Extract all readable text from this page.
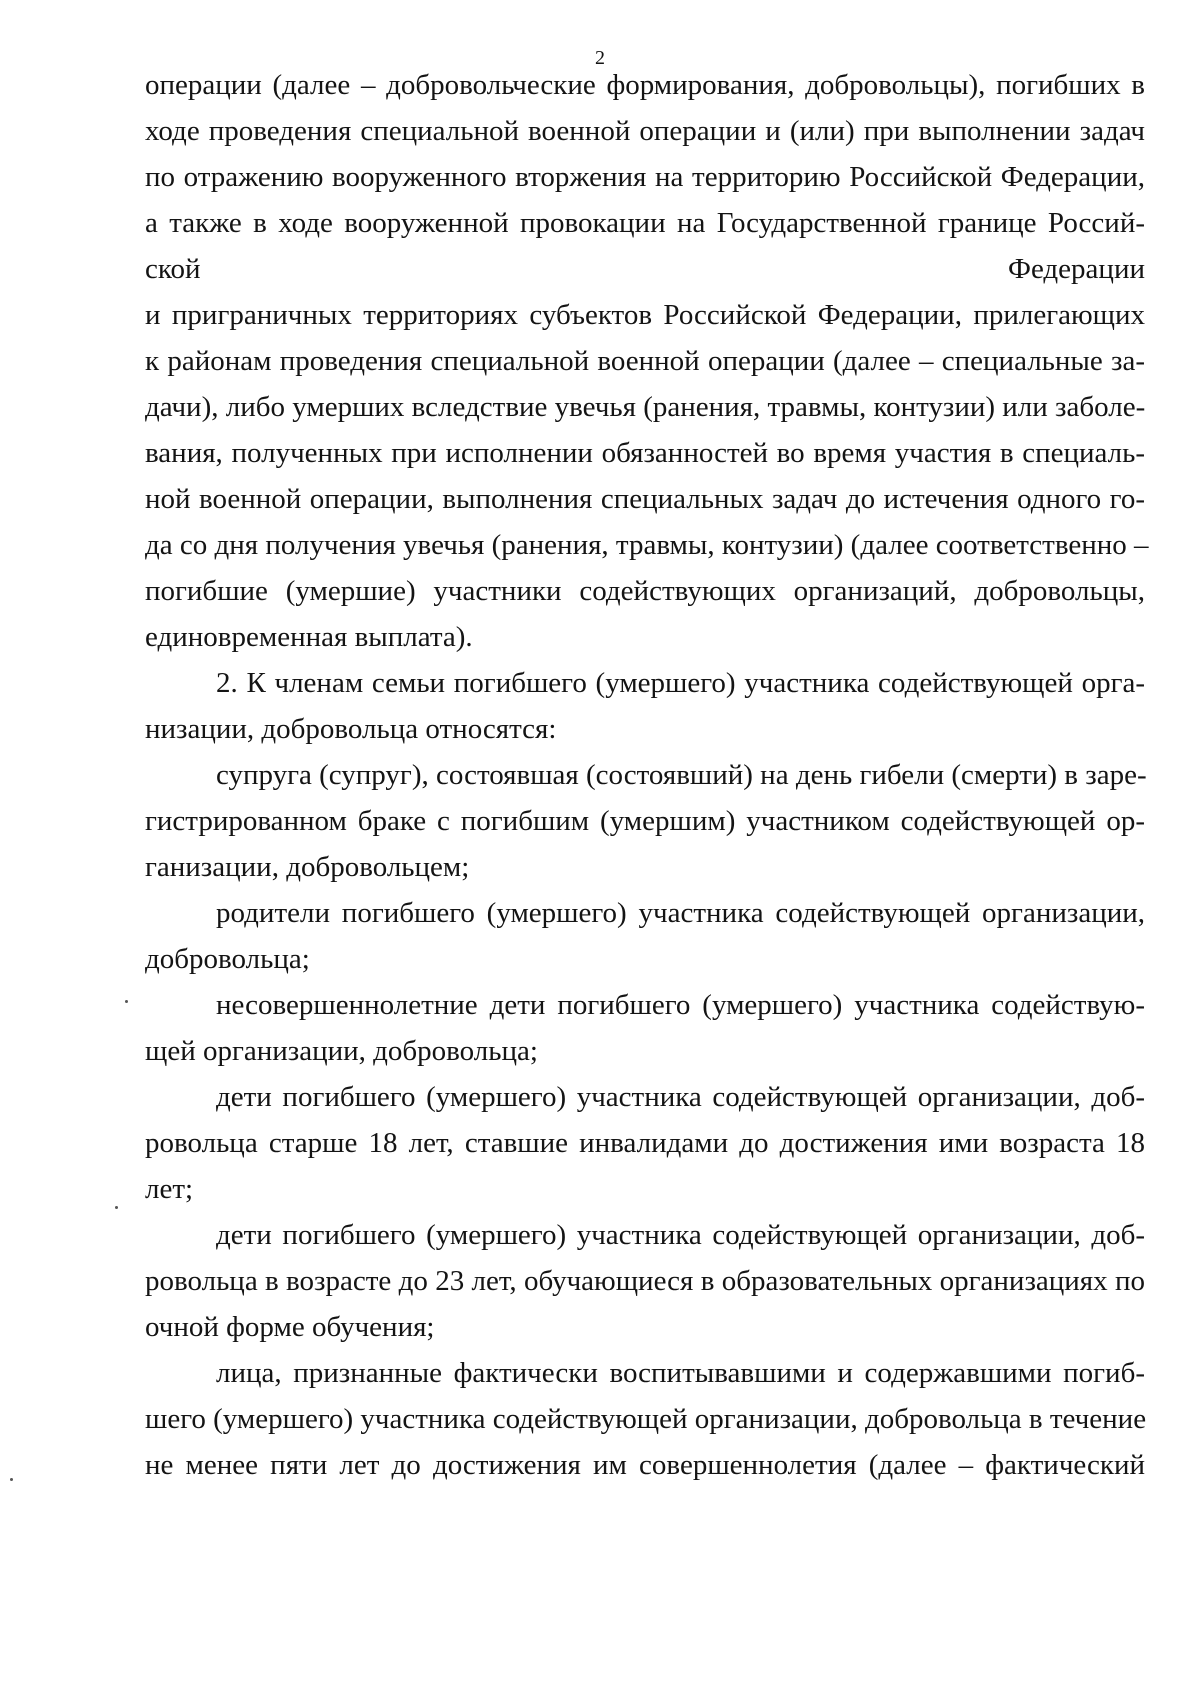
2
операции (далее – добровольческие формирования, добровольцы), погибших в
ходе проведения специальной военной операции и (или) при выполнении задач
по отражению вооруженного вторжения на территорию Российской Федерации,
а также в ходе вооруженной провокации на Государственной границе Россий-
ской	Федерации
и приграничных территориях субъектов Российской Федерации, прилегающих
к районам проведения специальной военной операции (далее – специальные за-
дачи), либо умерших вследствие увечья (ранения, травмы, контузии) или заболе-
вания, полученных при исполнении обязанностей во время участия в специаль-
ной военной операции, выполнения специальных задач до истечения одного го-
да со дня получения увечья (ранения, травмы, контузии) (далее соответственно –
погибшие (умершие) участники содействующих организаций, добровольцы,
единовременная выплата).
2. К членам семьи погибшего (умершего) участника содействующей орга-
низации, добровольца относятся:
супруга (супруг), состоявшая (состоявший) на день гибели (смерти) в заре-
гистрированном браке с погибшим (умершим) участником содействующей ор-
ганизации, добровольцем;
родители погибшего (умершего) участника содействующей организации,
добровольца;
несовершеннолетние дети погибшего (умершего) участника содействую-
щей организации, добровольца;
дети погибшего (умершего) участника содействующей организации, доб-
ровольца старше 18 лет, ставшие инвалидами до достижения ими возраста 18
лет;
дети погибшего (умершего) участника содействующей организации, доб-
ровольца в возрасте до 23 лет, обучающиеся в образовательных организациях по
очной форме обучения;
лица, признанные фактически воспитывавшими и содержавшими погиб-
шего (умершего) участника содействующей организации, добровольца в течение
не менее пяти лет до достижения им совершеннолетия (далее – фактический
